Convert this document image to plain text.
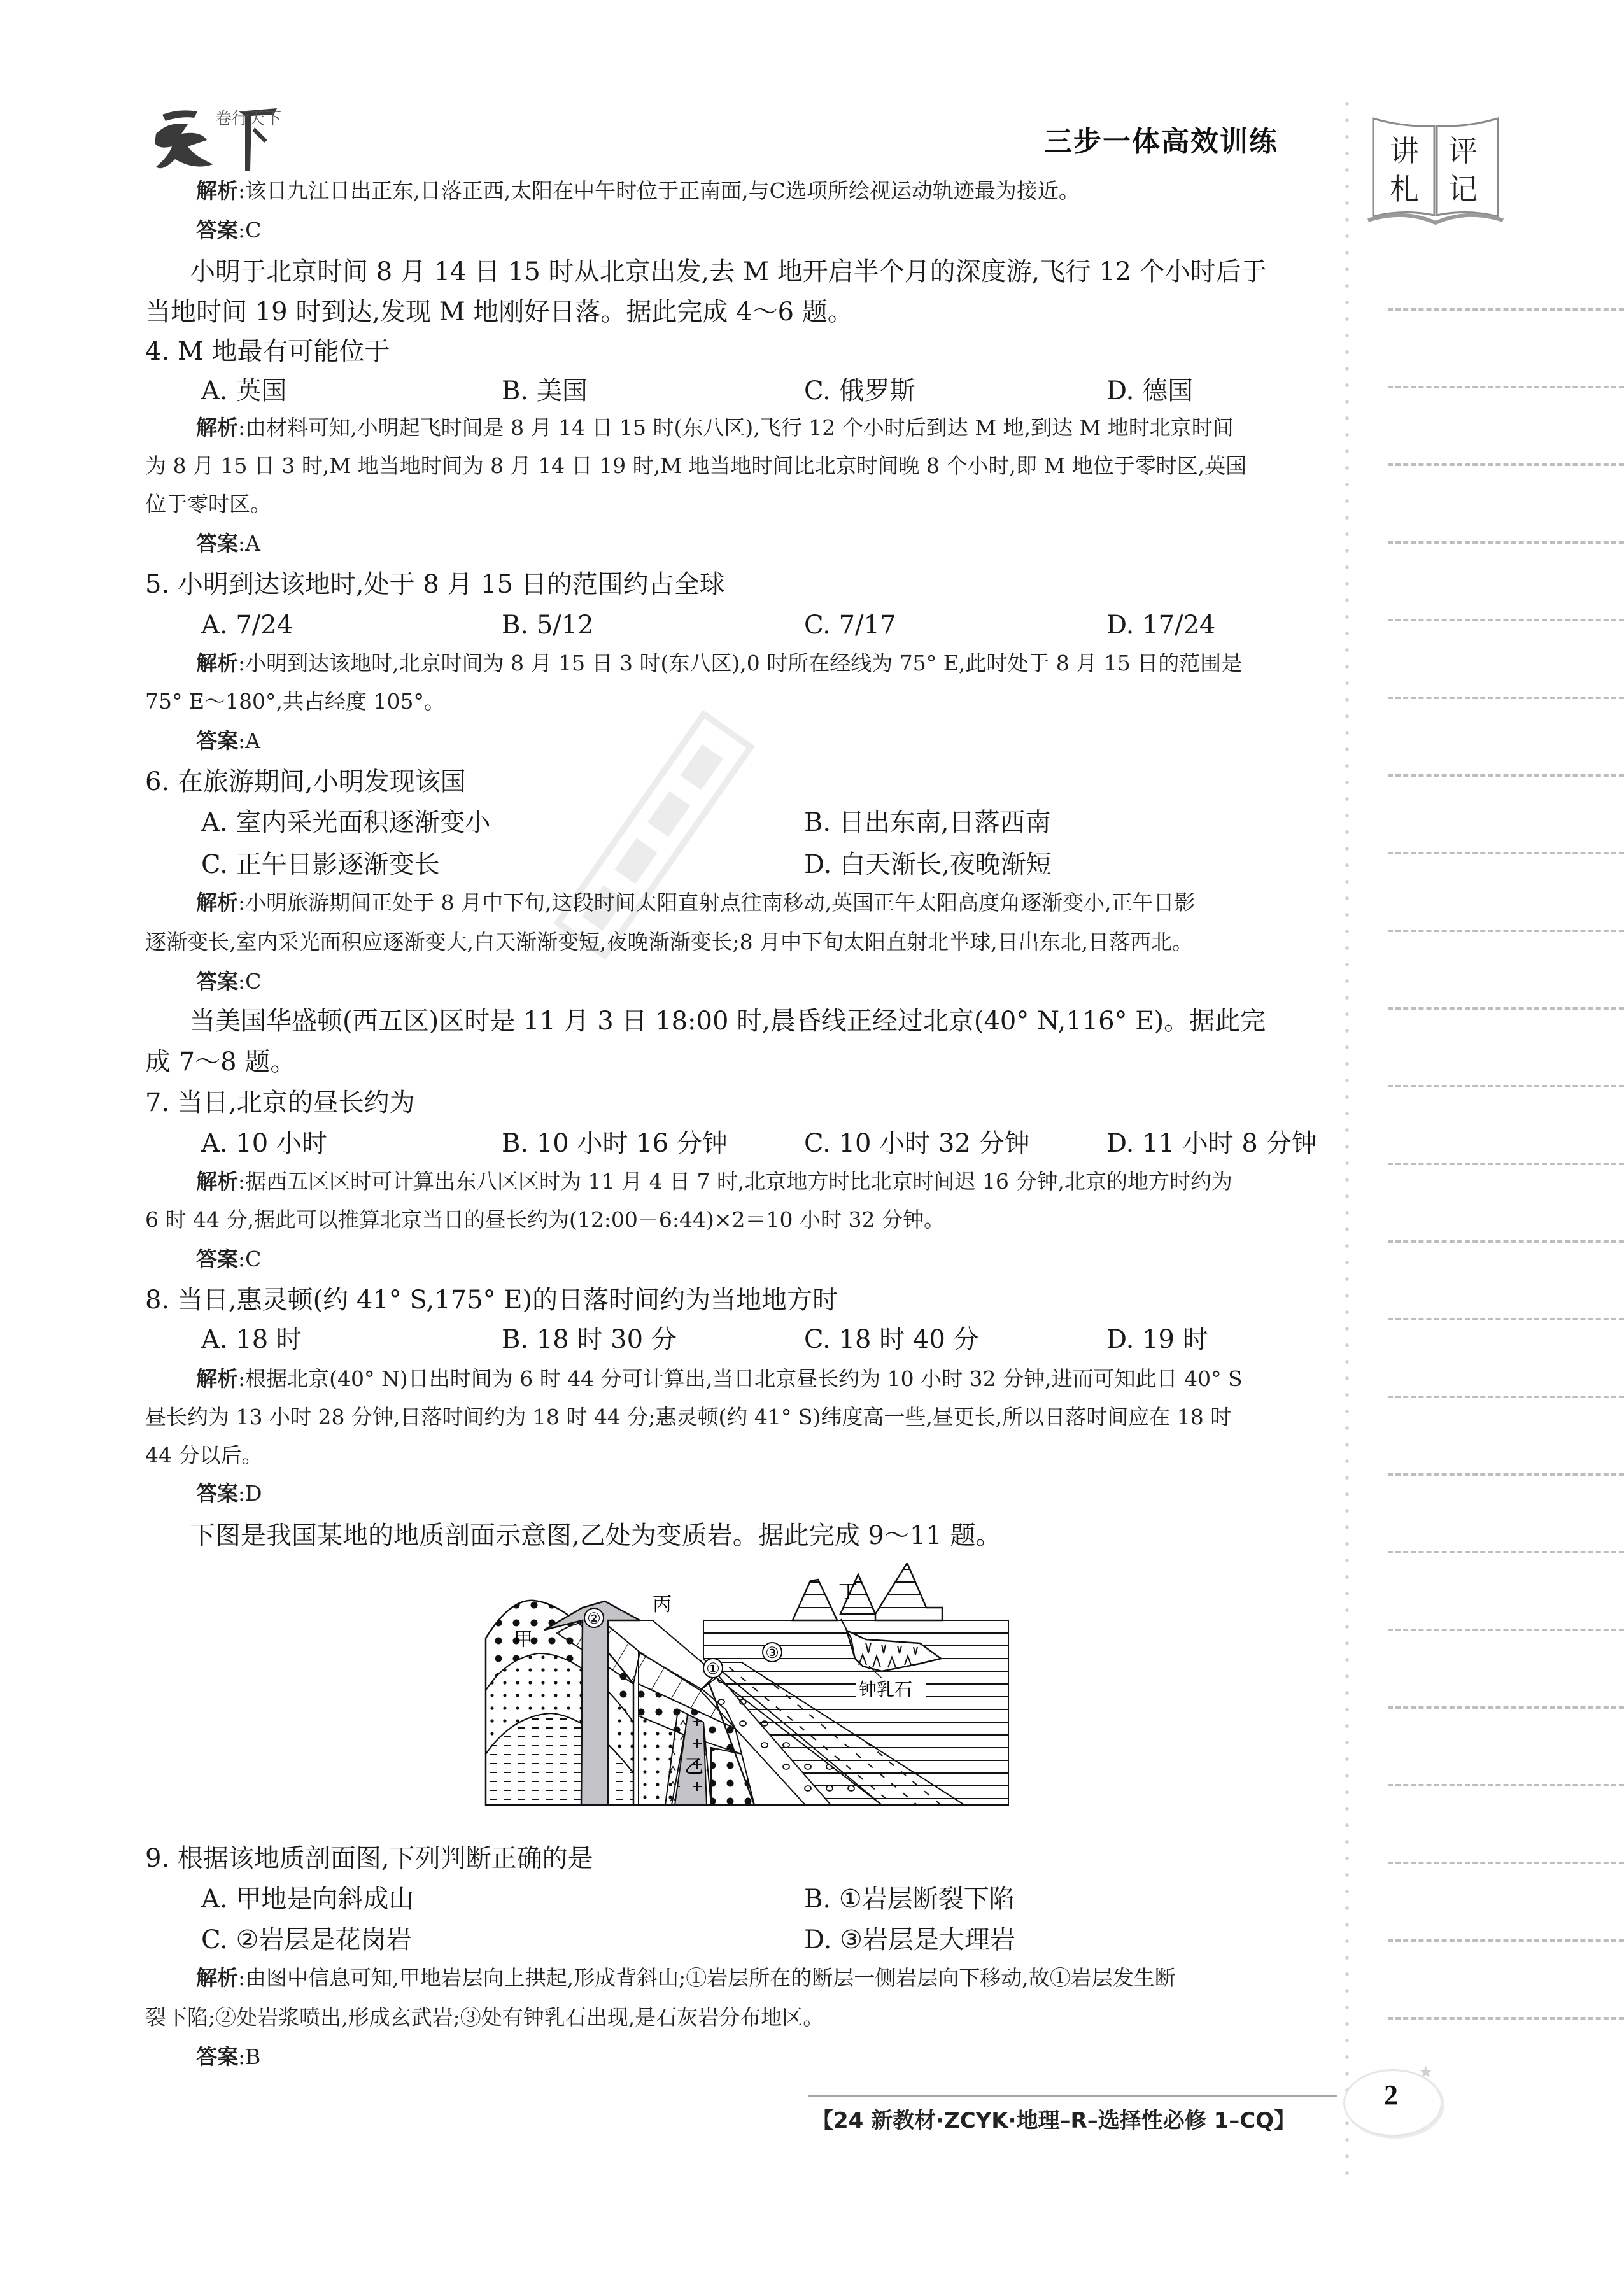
卷行天下
三步一体高效训练	讲 评
札 记
解析:该日九江日出正东,日落正西,太阳在中午时位于正南面,与C选项所绘视运动轨迹最为接近。
答案:C
小明于北京时间 8 月 14 日 15 时从北京出发,去 M 地开启半个月的深度游,飞行 12 个小时后于
当地时间 19 时到达,发现 M 地刚好日落。据此完成 4～6 题。
4. M 地最有可能位于
A. 英国	B. 美国	C. 俄罗斯	D. 德国
解析:由材料可知,小明起飞时间是 8 月 14 日 15 时(东八区),飞行 12 个小时后到达 M 地,到达 M 地时北京时间
为 8 月 15 日 3 时,M 地当地时间为 8 月 14 日 19 时,M 地当地时间比北京时间晚 8 个小时,即 M 地位于零时区,英国
位于零时区。
答案:A
5. 小明到达该地时,处于 8 月 15 日的范围约占全球
A. 7/24	B. 5/12	C. 7/17	D. 17/24
解析:小明到达该地时,北京时间为 8 月 15 日 3 时(东八区),0 时所在经线为 75° E,此时处于 8 月 15 日的范围是
75° E～180°,共占经度 105°。
答案:A
6. 在旅游期间,小明发现该国
A. 室内采光面积逐渐变小	B. 日出东南,日落西南
C. 正午日影逐渐变长	D. 白天渐长,夜晚渐短
解析:小明旅游期间正处于 8 月中下旬,这段时间太阳直射点往南移动,英国正午太阳高度角逐渐变小,正午日影
逐渐变长,室内采光面积应逐渐变大,白天渐渐变短,夜晚渐渐变长;8 月中下旬太阳直射北半球,日出东北,日落西北。
答案:C
当美国华盛顿(西五区)区时是 11 月 3 日 18:00 时,晨昏线正经过北京(40° N,116° E)。据此完
成 7～8 题。
7. 当日,北京的昼长约为
A. 10 小时	B. 10 小时 16 分钟	C. 10 小时 32 分钟	D. 11 小时 8 分钟
解析:据西五区区时可计算出东八区区时为 11 月 4 日 7 时,北京地方时比北京时间迟 16 分钟,北京的地方时约为
6 时 44 分,据此可以推算北京当日的昼长约为(12:00－6:44)×2＝10 小时 32 分钟。
答案:C
8. 当日,惠灵顿(约 41° S,175° E)的日落时间约为当地地方时
A. 18 时	B. 18 时 30 分	C. 18 时 40 分	D. 19 时
解析:根据北京(40° N)日出时间为 6 时 44 分可计算出,当日北京昼长约为 10 小时 32 分钟,进而可知此日 40° S
昼长约为 13 小时 28 分钟,日落时间约为 18 时 44 分;惠灵顿(约 41° S)纬度高一些,昼更长,所以日落时间应在 18 时
44 分以后。
答案:D
下图是我国某地的地质剖面示意图,乙处为变质岩。据此完成 9～11 题。
②
甲
乙
丙
丁
①
③
钟乳石
9. 根据该地质剖面图,下列判断正确的是
A. 甲地是向斜成山	B. ①岩层断裂下陷
C. ②岩层是花岗岩	D. ③岩层是大理岩
解析:由图中信息可知,甲地岩层向上拱起,形成背斜山;①岩层所在的断层一侧岩层向下移动,故①岩层发生断
裂下陷;②处岩浆喷出,形成玄武岩;③处有钟乳石出现,是石灰岩分布地区。
答案:B
【24 新教材·ZCYK·地理–R–选择性必修 1–CQ】
2
★
